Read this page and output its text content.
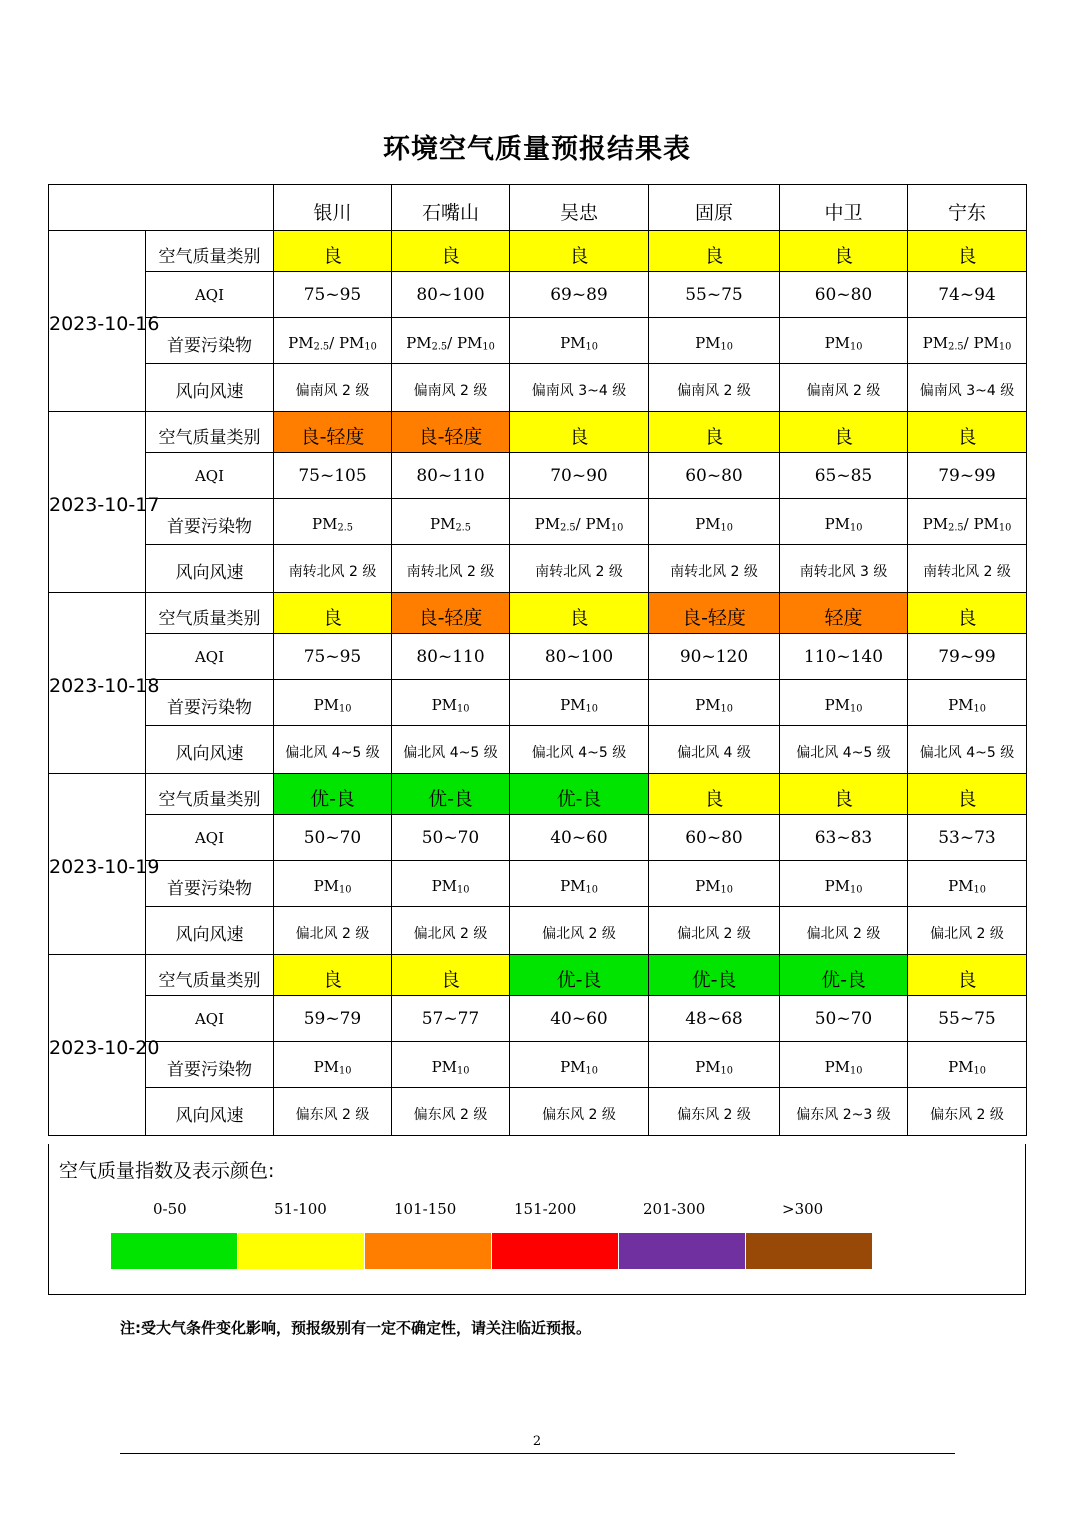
环境空气质量预报结果表
		银川	石嘴山	吴忠	固原	中卫	宁东
2023-10-16	空气质量类别	良	良	良	良	良	良
	AQI	75~95	80~100	69~89	55~75	60~80	74~94
	首要污染物	PM2.5/ PM10	PM2.5/ PM10	PM10	PM10	PM10	PM2.5/ PM10
	风向风速	偏南风 2 级	偏南风 2 级	偏南风 3~4 级	偏南风 2 级	偏南风 2 级	偏南风 3~4 级
2023-10-17	空气质量类别	良-轻度	良-轻度	良	良	良	良
	AQI	75~105	80~110	70~90	60~80	65~85	79~99
	首要污染物	PM2.5	PM2.5	PM2.5/ PM10	PM10	PM10	PM2.5/ PM10
	风向风速	南转北风 2 级	南转北风 2 级	南转北风 2 级	南转北风 2 级	南转北风 3 级	南转北风 2 级
2023-10-18	空气质量类别	良	良-轻度	良	良-轻度	轻度	良
	AQI	75~95	80~110	80~100	90~120	110~140	79~99
	首要污染物	PM10	PM10	PM10	PM10	PM10	PM10
	风向风速	偏北风 4~5 级	偏北风 4~5 级	偏北风 4~5 级	偏北风 4 级	偏北风 4~5 级	偏北风 4~5 级
2023-10-19	空气质量类别	优-良	优-良	优-良	良	良	良
	AQI	50~70	50~70	40~60	60~80	63~83	53~73
	首要污染物	PM10	PM10	PM10	PM10	PM10	PM10
	风向风速	偏北风 2 级	偏北风 2 级	偏北风 2 级	偏北风 2 级	偏北风 2 级	偏北风 2 级
2023-10-20	空气质量类别	良	良	优-良	优-良	优-良	良
	AQI	59~79	57~77	40~60	48~68	50~70	55~75
	首要污染物	PM10	PM10	PM10	PM10	PM10	PM10
	风向风速	偏东风 2 级	偏东风 2 级	偏东风 2 级	偏东风 2 级	偏东风 2~3 级	偏东风 2 级
空气质量指数及表示颜色:
0-50	51-100	101-150	151-200	201-300	>300
注:受大气条件变化影响，预报级别有一定不确定性，请关注临近预报。
2
